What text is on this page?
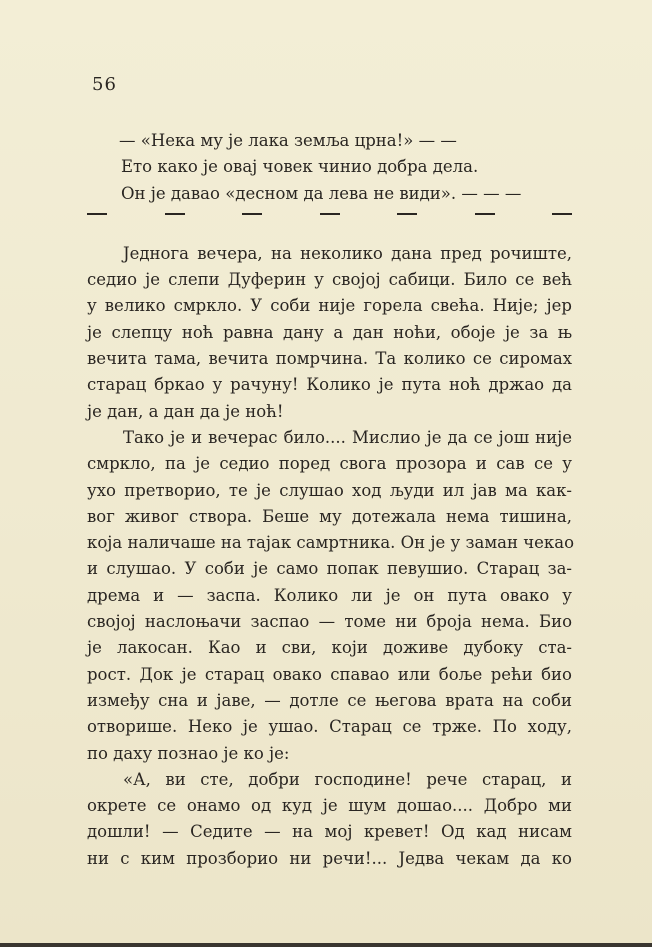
56
— «Нека му је лака земља црна!» — —
Ето како је овај човек чинио добра дела.
Он је давао «десном да лева не види». — — —
Једнога вечера, на неколико дана пред рочиште,
седио је слепи Дуферин у својој сабици. Било се већ
у велико смркло. У соби није горела свећа. Није; јер
је слепцу ноћ равна дану а дан ноћи, обоје је за њ
вечита тама, вечита помрчина. Та колико се сиромах
старац бркао у рачуну! Колико је пута ноћ држао да
је дан, а дан да је ноћ!
Тако је и вечерас било.... Мислио је да се још није
смркло, па је седио поред свога прозора и сав се у
ухо претворио, те је слушао ход људи ил јав ма как-
вог живог створа. Беше му дотежала нема тишина,
која наличаше на тајак самртника. Он је у заман чекао
и слушао. У соби је само попак певушио. Старац за-
дрема и — заспа. Колико ли је он пута овако у
својој наслоњачи заспао — томе ни броја нема. Био
је лакосан. Као и сви, који доживе дубоку ста-
рост. Док је старац овако спавао или боље рећи био
између сна и јаве, — дотле се његова врата на соби
отворише. Неко је ушао. Старац се трже. По ходу,
по даху познао је ко је:
«А, ви сте, добри господине! рече старац, и
окрете се онамо од куд је шум дошао.... Добро ми
дошли! — Седите — на мој кревет! Од кад нисам
ни с ким прозборио ни речи!... Једва чекам да ко
